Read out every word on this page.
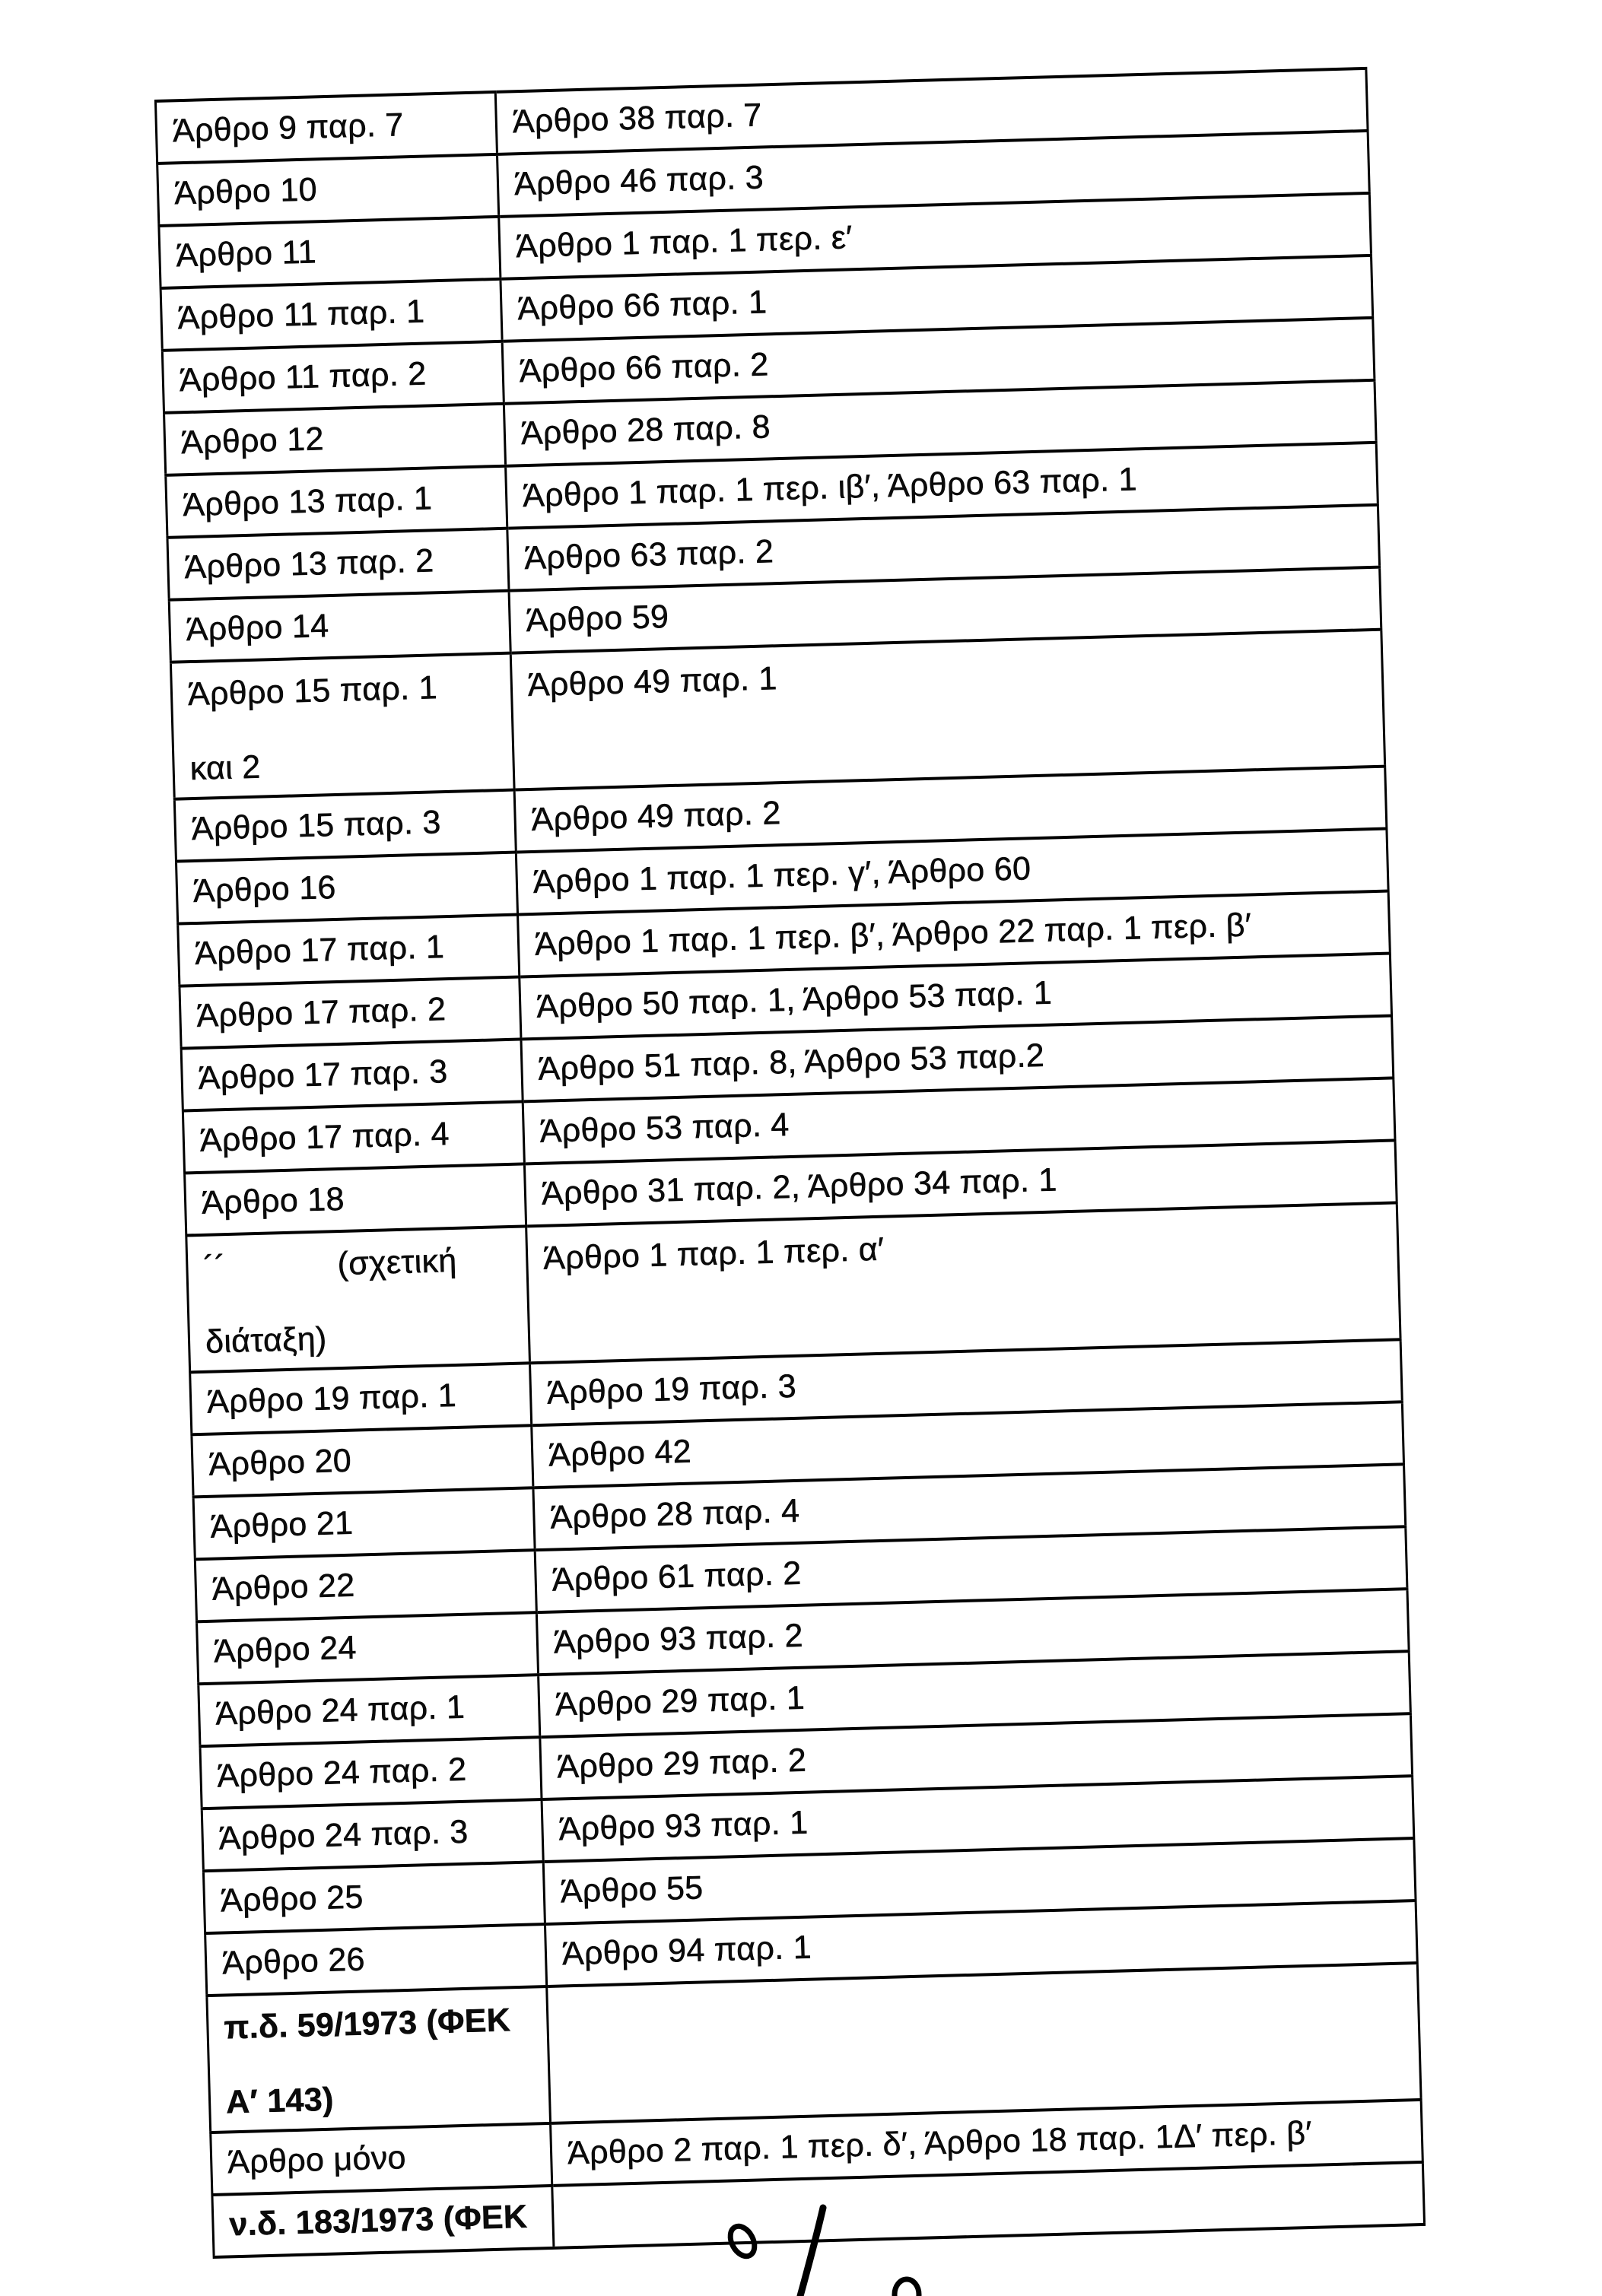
Άρθρο 9 παρ. 7	Άρθρο 38 παρ. 7

Άρθρο 10	Άρθρο 46 παρ. 3

Άρθρο 11	Άρθρο 1 παρ. 1 περ. ε′

Άρθρο 11 παρ. 1	Άρθρο 66 παρ. 1

Άρθρο 11 παρ. 2	Άρθρο 66 παρ. 2

Άρθρο 12	Άρθρο 28 παρ. 8

Άρθρο 13 παρ. 1	Άρθρο 1 παρ. 1 περ. ιβ′, Άρθρο 63 παρ. 1

Άρθρο 13 παρ. 2	Άρθρο 63 παρ. 2

Άρθρο 14	Άρθρο 59

Άρθρο 15 παρ. 1
και 2	Άρθρο 49 παρ. 1

Άρθρο 15 παρ. 3	Άρθρο 49 παρ. 2

Άρθρο 16	Άρθρο 1 παρ. 1 περ. γ′, Άρθρο 60

Άρθρο 17 παρ. 1	Άρθρο 1 παρ. 1 περ. β′, Άρθρο 22 παρ. 1 περ. β′

Άρθρο 17 παρ. 2	Άρθρο 50 παρ. 1, Άρθρο 53 παρ. 1

Άρθρο 17 παρ. 3	Άρθρο 51 παρ. 8, Άρθρο 53 παρ.2

Άρθρο 17 παρ. 4	Άρθρο 53 παρ. 4

Άρθρο 18	Άρθρο 31 παρ. 2, Άρθρο 34 παρ. 1

´´            (σχετική
διάταξη)	Άρθρο 1 παρ. 1 περ. α′

Άρθρο 19 παρ. 1	Άρθρο 19 παρ. 3

Άρθρο 20	Άρθρο 42

Άρθρο 21	Άρθρο 28 παρ. 4

Άρθρο 22	Άρθρο 61 παρ. 2

Άρθρο 24	Άρθρο 93 παρ. 2

Άρθρο 24 παρ. 1	Άρθρο 29 παρ. 1

Άρθρο 24 παρ. 2	Άρθρο 29 παρ. 2

Άρθρο 24 παρ. 3	Άρθρο 93 παρ. 1

Άρθρο 25	Άρθρο 55

Άρθρο 26	Άρθρο 94 παρ. 1

π.δ. 59/1973 (ΦΕΚ
Α′ 143)	

Άρθρο μόνο	Άρθρο 2 παρ. 1 περ. δ′, Άρθρο 18 παρ. 1Δ′ περ. β′

ν.δ. 183/1973 (ΦΕΚ	
